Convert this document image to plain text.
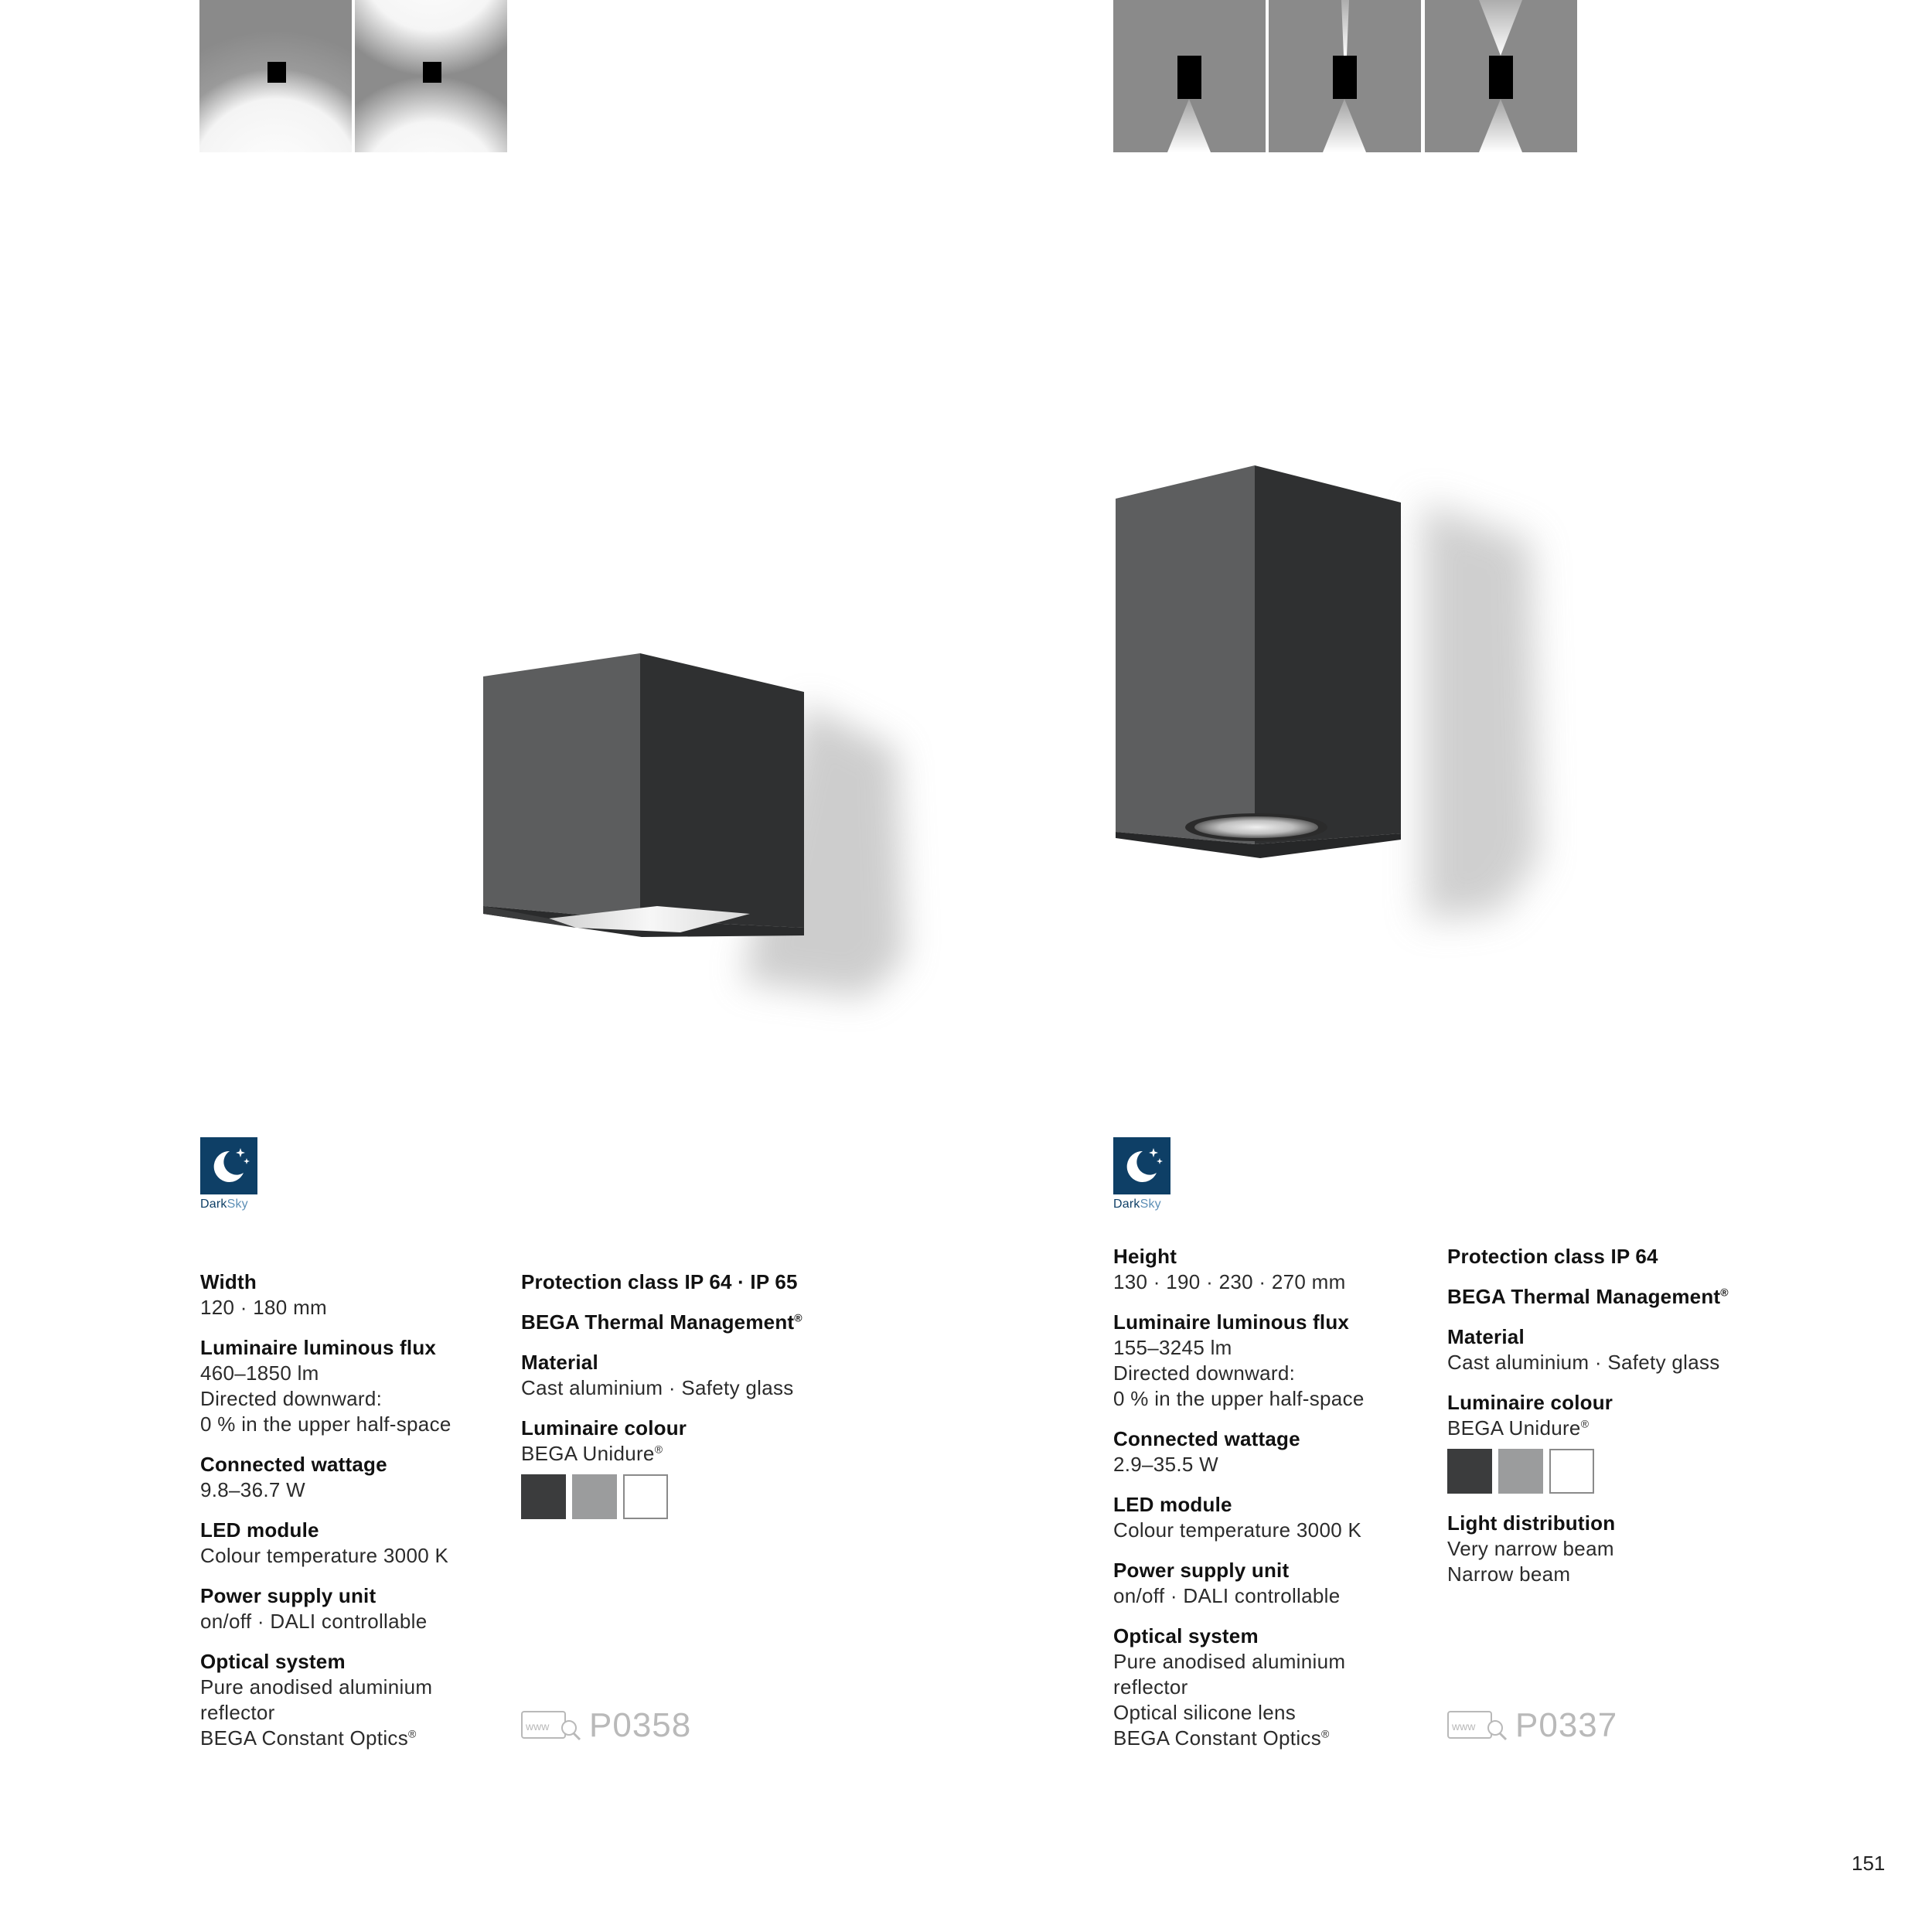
DarkSky	DarkSky
Width
120 · 180 mm
Luminaire luminous flux
460–1850 lm
Directed downward:
0 % in the upper half-space
Connected wattage
9.8–36.7 W
LED module
Colour temperature 3000 K
Power supply unit
on/off · DALI controllable
Optical system
Pure anodised aluminium
reflector
BEGA Constant Optics®
Protection class IP 64 · IP 65
BEGA Thermal Management®
Material
Cast aluminium · Safety glass
Luminaire colour
BEGA Unidure®
www P0358
Height
130 · 190 · 230 · 270 mm
Luminaire luminous flux
155–3245 lm
Directed downward:
0 % in the upper half-space
Connected wattage
2.9–35.5 W
LED module
Colour temperature 3000 K
Power supply unit
on/off · DALI controllable
Optical system
Pure anodised aluminium
reflector
Optical silicone lens
BEGA Constant Optics®
Protection class IP 64
BEGA Thermal Management®
Material
Cast aluminium · Safety glass
Luminaire colour
BEGA Unidure®
Light distribution
Very narrow beam
Narrow beam
www P0337
151
